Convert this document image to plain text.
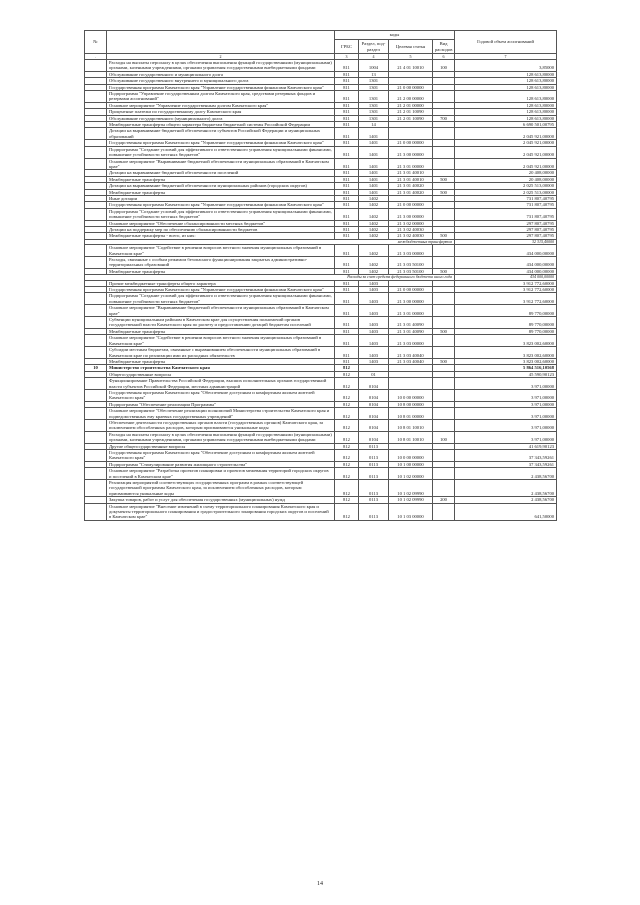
№		коды				Годовой объем ассигнований
		ГРБС	Раздел, под-раздел	Целевая статья	Вид расходов	
.	2	3	4	5	6	7
	Расходы на выплаты персоналу в целях обеспечения выполнения функций государственными (муниципальными) органами, казенными учреждениями, органами управления государственными внебюджетными фондами	811	1004	21 4 01 10010	100	3,85000
	Обслуживание государственного и муниципального долга	811	13			128 613,80000
	Обслуживание государственного внутреннего и муниципального долга	811	1301			128 613,80000
	Государственная программа Камчатского края "Управление государственными финансами Камчатского края"	811	1301	21 0 00 00000		128 613,80000
	Подпрограмма "Управление государственным долгом Камчатского края, средствами резервных фондов и резервами ассигнований"	811	1301	21 2 00 00000		128 613,80000
	Основное мероприятие "Управление государственным долгом Камчатского края"	811	1301	21 2 01 00000		128 613,80000
	Процентные платежи по государственному долгу Камчатского края	811	1301	21 2 01 10090		128 613,80000
	Обслуживание государственного (муниципального) долга	811	1301	21 2 01 10090	700	128 613,80000
	Межбюджетные трансферты общего характера бюджетам бюджетной системы Российской Федерации	811	14			6 690 501,00795
	Дотации на выравнивание бюджетной обеспеченности субъектов Российской Федерации и муниципальных образований	811	1401			2 045 921,00000
	Государственная программа Камчатского края "Управление государственными финансами Камчатского края"	811	1401	21 0 00 00000		2 045 921,00000
	Подпрограмма "Создание условий для эффективного и ответственного управления муниципальными финансами, повышение устойчивости местных бюджетов"	811	1401	21 3 00 00000		2 045 921,00000
	Основное мероприятие "Выравнивание бюджетной обеспеченности муниципальных образований в Камчатском крае"	811	1401	21 3 01 00000		2 045 921,00000
	Дотации на выравнивание бюджетной обеспеченности поселений	811	1401	21 3 01 40010		20 408,00000
	Межбюджетные трансферты	811	1401	21 3 01 40010	500	20 408,00000
	Дотации на выравнивание бюджетной обеспеченности муниципальных районов (городских округов)	811	1401	21 3 01 40020		2 025 513,00000
	Межбюджетные трансферты	811	1401	21 3 01 40020	500	2 025 513,00000
	Иные дотации	811	1402			731 807,40795
	Государственная программа Камчатского края "Управление государственными финансами Камчатского края"	811	1402	21 0 00 00000		731 807,40795
	Подпрограмма "Создание условий для эффективного и ответственного управления муниципальными финансами, повышение устойчивости местных бюджетов"	811	1402	21 3 00 00000		731 807,40795
	Основное мероприятие "Обеспечение сбалансированности местных бюджетов"	811	1402	21 3 02 00000		297 807,40795
	Дотации на поддержку мер по обеспечению сбалансированности бюджетов	811	1402	21 3 02 40030		297 807,40795
	Межбюджетные трансферты - всего, из них:	811	1402	21 3 02 40030	500	297 807,40795
межбюджетных трансфертов						32 315,40000
	Основное мероприятие "Содействие в решении вопросов местного значения муниципальных образований в Камчатском крае"	811	1402	21 3 03 00000		434 000,00000
	Расходы, связанные с особым режимом безопасного функционирования закрытых административно-территориальных образований	811	1402	21 3 03 50100		434 000,00000
	Межбюджетные трансферты	811	1402	21 3 03 50100	500	434 000,00000
Расходы за счет средств федерального бюджета иного года						434 000,00000
	Прочие межбюджетные трансферты общего характера	811	1403			3 912 772,60000
	Государственная программа Камчатского края "Управление государственными финансами Камчатского края"	811	1403	21 0 00 00000		3 912 772,60000
	Подпрограмма "Создание условий для эффективного и ответственного управления муниципальными финансами, повышение устойчивости местных бюджетов"	811	1403	21 3 00 00000		3 912 772,60000
	Основное мероприятие "Выравнивание бюджетной обеспеченности муниципальных образований в Камчатском крае"	811	1403	21 3 01 00000		89 770,00000
	Субвенции муниципальным районам в Камчатском крае для осуществления полномочий органов государственной власти Камчатского края по расчету и предоставлению дотаций бюджетам поселений	811	1403	21 3 01 40090		89 770,00000
	Межбюджетные трансферты	811	1403	21 3 01 40090	500	89 770,00000
	Основное мероприятие "Содействие в решении вопросов местного значения муниципальных образований в Камчатском крае"	811	1403	21 3 03 00000		3 823 002,60000
	Субсидии местным бюджетам, связанные с выравниванием обеспеченности муниципальных образований в Камчатском крае по реализации ими их расходных обязательств	811	1403	21 3 03 40040		3 823 002,60000
	Межбюджетные трансферты	811	1403	21 3 03 40040	500	3 823 002,60000
10	Министерство строительства Камчатского края	812				5 864 516,10568
	Общегосударственные вопросы	812	01			45 590,90123
	Функционирование Правительства Российской Федерации, высших исполнительных органов государственной власти субъектов Российской Федерации, местных администраций	812	0104			3 971,00000
	Государственная программа Камчатского края "Обеспечение доступным и комфортным жильем жителей Камчатского края"	812	0104	10 0 00 00000		3 971,00000
	Подпрограмма "Обеспечение реализации Программы"	812	0104	10 8 00 00000		3 971,00000
	Основное мероприятие "Обеспечение реализации полномочий Министерства строительства Камчатского края и подведомственных ему краевых государственных учреждений"	812	0104	10 8 01 00000		3 971,00000
	Обеспечение деятельности государственных органов власти (государственных органов) Камчатского края, за исключением обособленных расходов, которым присваиваются уникальные коды	812	0104	10 8 01 10010		3 971,00000
	Расходы на выплаты персоналу в целях обеспечения выполнения функций государственными (муниципальными) органами, казенными учреждениями, органами управления государственными внебюджетными фондами	812	0104	10 8 01 10010	100	3 971,00000
	Другие общегосударственные вопросы	812	0113			41 619,90123
	Государственная программа Камчатского края "Обеспечение доступным и комфортным жильем жителей Камчатского края"	812	0113	10 0 00 00000		37 343,59261
	Подпрограмма "Стимулирование развития жилищного строительства"	812	0113	10 1 00 00000		37 343,59261
	Основное мероприятие "Разработка проектов планировки и проектов межевания территорий городских округов и поселений в Камчатском крае"	812	0113	10 1 02 00000		2 438,56700
	Реализация мероприятий соответствующих государственных программ в рамках соответствующей государственной программы Камчатского края, за исключением обособленных расходов, которым присваиваются уникальные коды	812	0113	10 1 02 09990		2 438,56700
	Закупка товаров, работ и услуг для обеспечения государственных (муниципальных) нужд	812	0113	10 1 02 09990	200	2 438,56700
	Основное мероприятие "Внесение изменений в схему территориального планирования Камчатского края и документы территориального планирования и градостроительного зонирования городских округов и поселений в Камчатском крае"	812	0113	10 1 03 00000		641,50000
14
